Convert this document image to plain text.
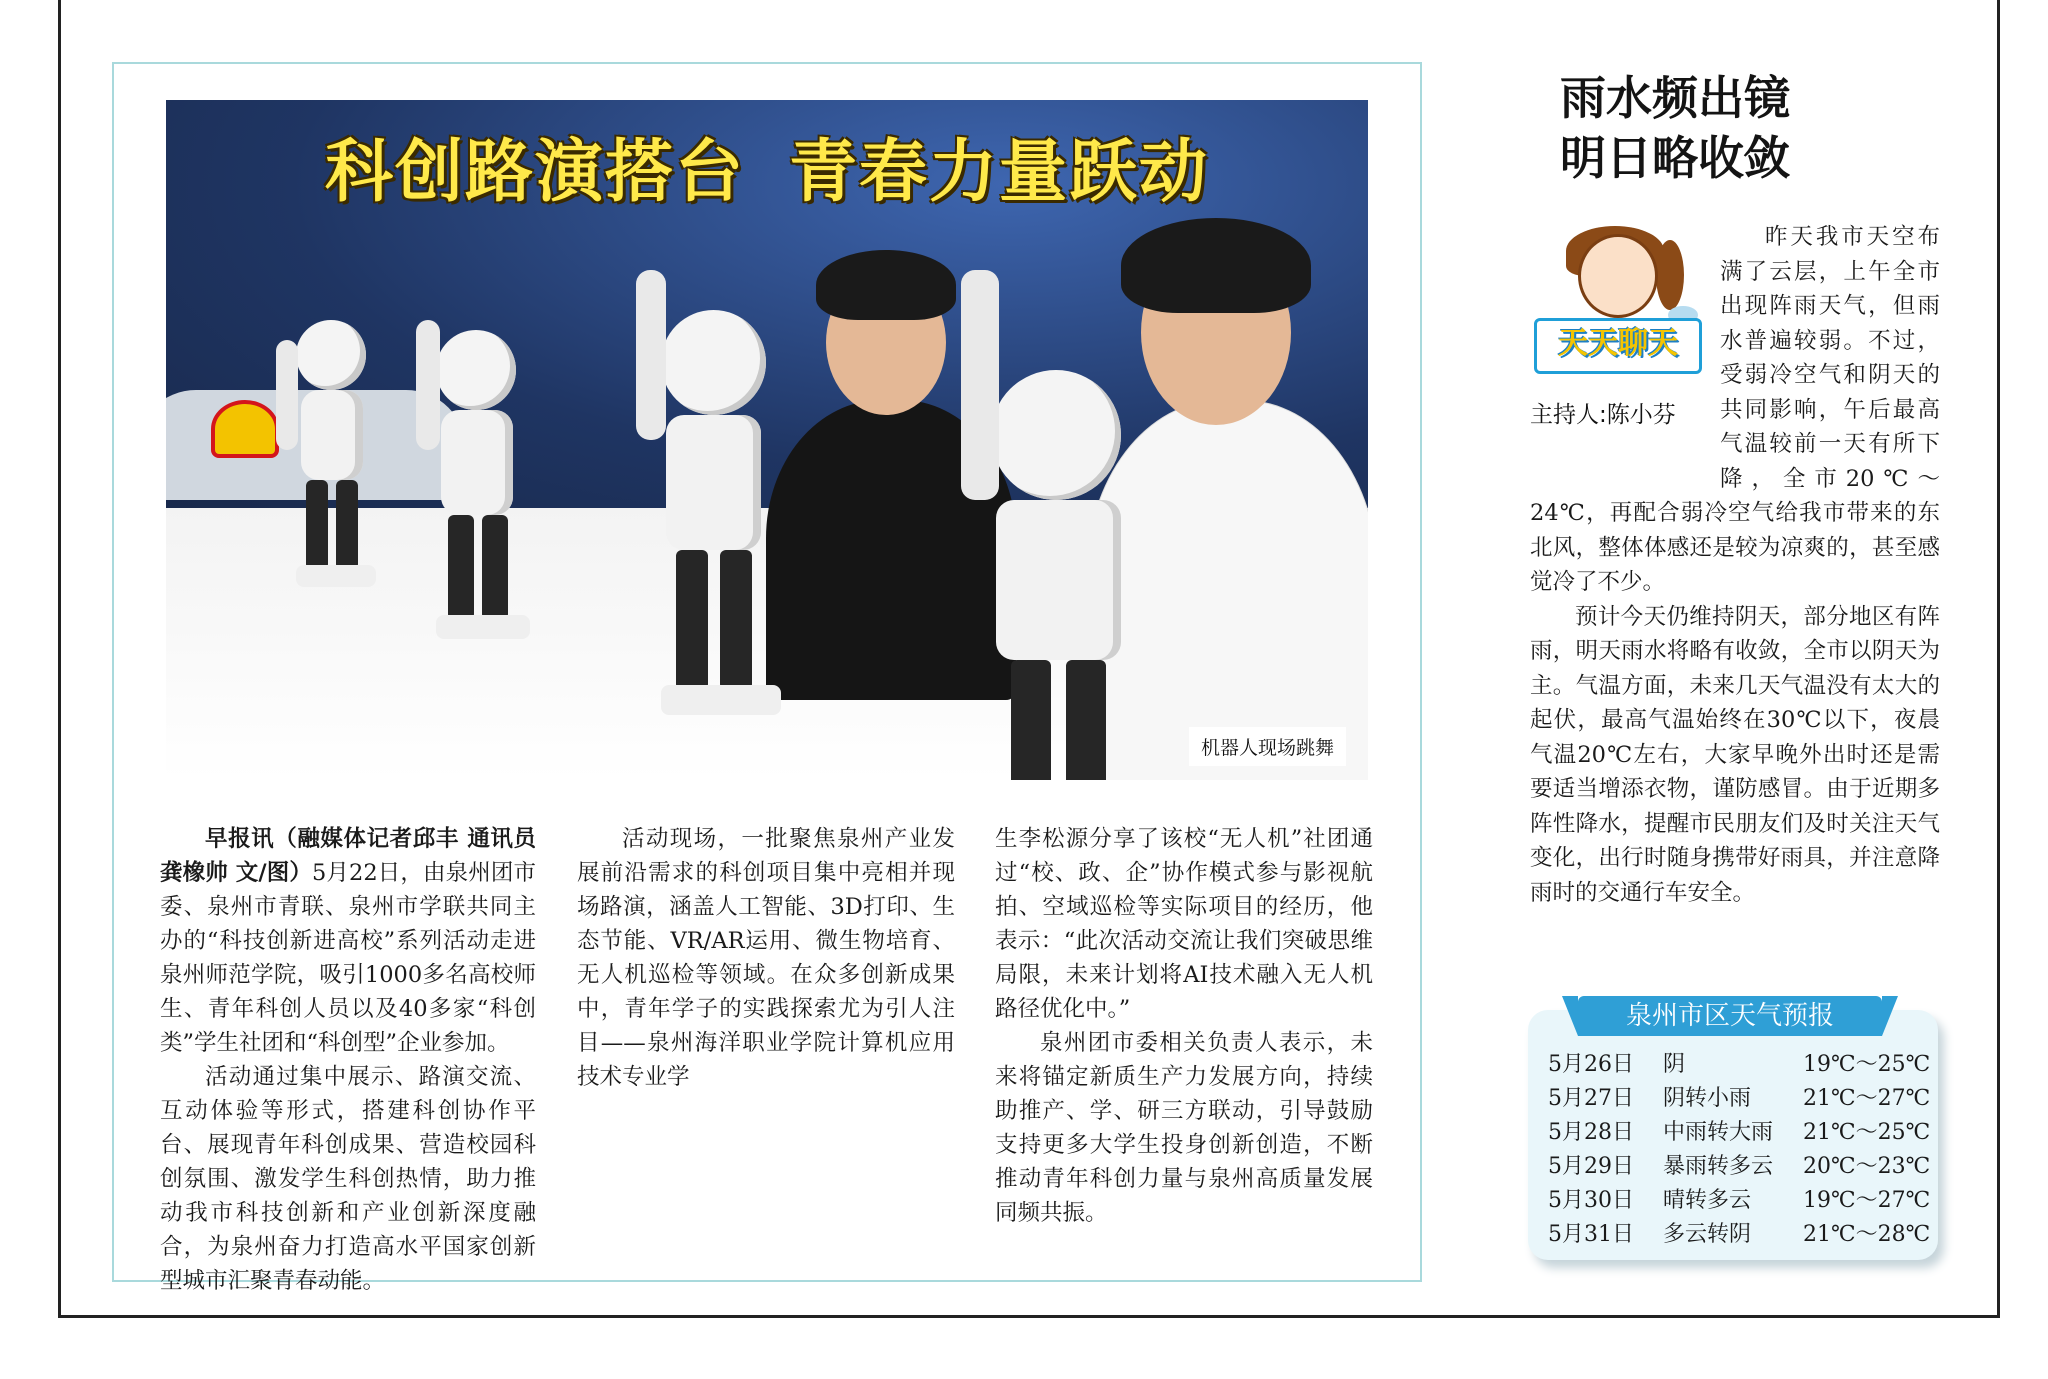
科创路演搭台 青春力量跃动
机器人现场跳舞

早报讯（融媒体记者邱丰 通讯员龚橡帅 文/图）5月22日，由泉州团市委、泉州市青联、泉州市学联共同主办的“科技创新进高校”系列活动走进泉州师范学院，吸引1000多名高校师生、青年科创人员以及40多家“科创类”学生社团和“科创型”企业参加。

活动通过集中展示、路演交流、互动体验等形式，搭建科创协作平台、展现青年科创成果、营造校园科创氛围、激发学生科创热情，助力推动我市科技创新和产业创新深度融合，为泉州奋力打造高水平国家创新型城市汇聚青春动能。

生李松源分享了该校“无人机”社团通过“校、政、企”协作模式参与影视航拍、空域巡检等实际项目的经历，他表示：“此次活动交流让我们突破思维局限，未来计划将AI技术融入无人机路径优化中。”

泉州团市委相关负责人表示，未来将锚定新质生产力发展方向，持续助推产、学、研三方联动，引导鼓励支持更多大学生投身创新创造，不断推动青年科创力量与泉州高质量发展同频共振。

雨水频出镜
明日略收敛
天天聊天
主持人:陈小芬

昨天我市天空布满了云层，上午全市出现阵雨天气，但雨水普遍较弱。不过，受弱冷空气和阴天的共同影响，午后最高气温较前一天有所下降，全市20℃～24℃，再配合弱冷空气给我市带来的东北风，整体体感还是较为凉爽的，甚至感觉冷了不少。

预计今天仍维持阴天，部分地区有阵雨，明天雨水将略有收敛，全市以阴天为主。气温方面，未来几天气温没有太大的起伏，最高气温始终在30℃以下，夜晨气温20℃左右，大家早晚外出时还是需要适当增添衣物，谨防感冒。由于近期多阵性降水，提醒市民朋友们及时关注天气变化，出行时随身携带好雨具，并注意降雨时的交通行车安全。

泉州市区天气预报
5月26日 阴	19℃～25℃
5月27日 阴转小雨 21℃～27℃
5月28日 中雨转大雨 21℃～25℃
5月29日 暴雨转多云 20℃～23℃
5月30日 晴转多云 19℃～27℃
5月31日 多云转阴 21℃～28℃

活动现场，一批聚焦泉州产业发展前沿需求的科创项目集中亮相并现场路演，涵盖人工智能、3D打印、生态节能、VR/AR运用、微生物培育、无人机巡检等领域。在众多创新成果中，青年学子的实践探索尤为引人注目——泉州海洋职业学院计算机应用技术专业学
